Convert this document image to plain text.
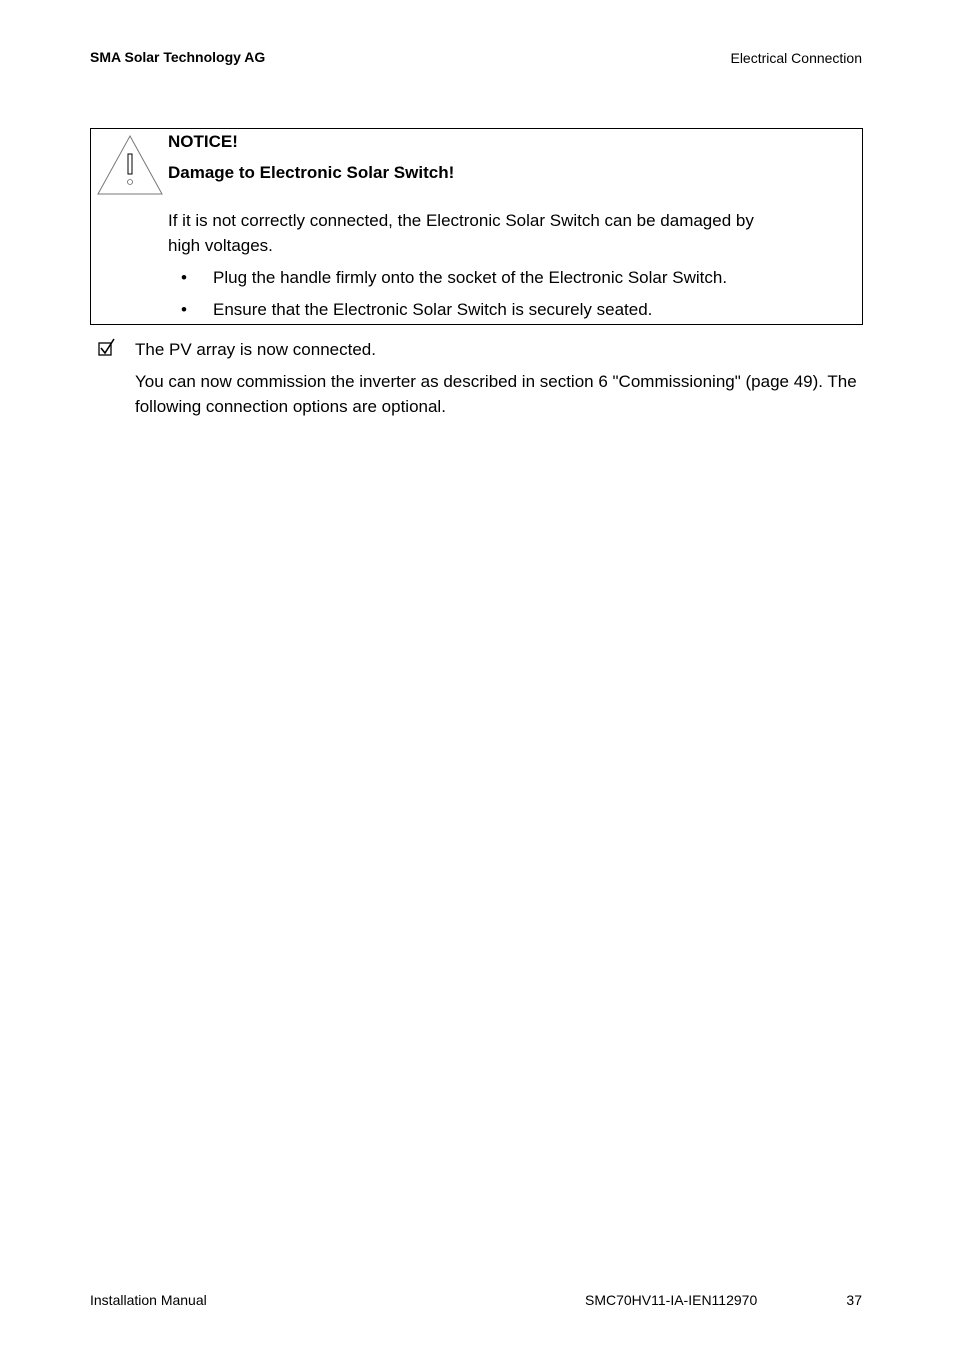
SMA Solar Technology AG	Electrical Connection
NOTICE!
Damage to Electronic Solar Switch!
If it is not correctly connected, the Electronic Solar Switch can be damaged by high voltages.
• Plug the handle firmly onto the socket of the Electronic Solar Switch.
• Ensure that the Electronic Solar Switch is securely seated.
The PV array is now connected.
You can now commission the inverter as described in section 6 "Commissioning" (page 49). The following connection options are optional.
Installation Manual	SMC70HV11-IA-IEN112970	37
